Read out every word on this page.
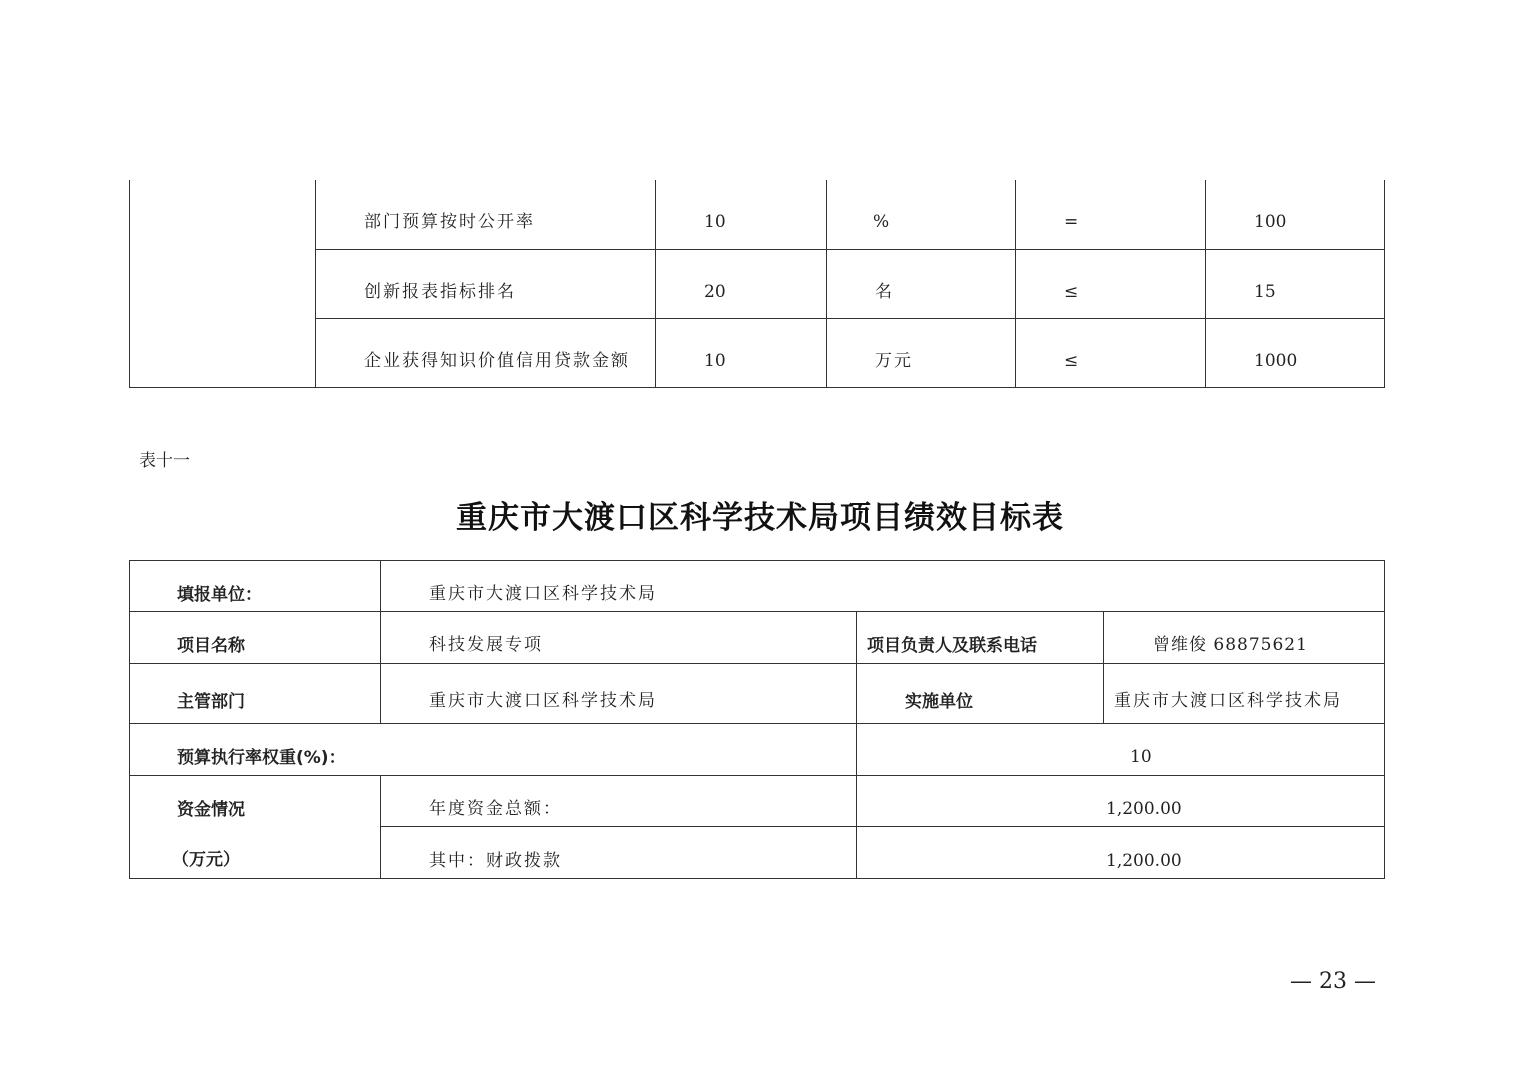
部门预算按时公开率	10	%	=	100
创新报表指标排名	20	名	≤	15
企业获得知识价值信用贷款金额	10	万元	≤	1000
表十一
重庆市大渡口区科学技术局项目绩效目标表
填报单位：	重庆市大渡口区科学技术局
项目名称	科技发展专项	项目负责人及联系电话	曾维俊 68875621
主管部门	重庆市大渡口区科学技术局	实施单位	重庆市大渡口区科学技术局
预算执行率权重(%)：	10
资金情况
（万元）
年度资金总额：	1,200.00
其中：财政拨款	1,200.00
— 23 —
